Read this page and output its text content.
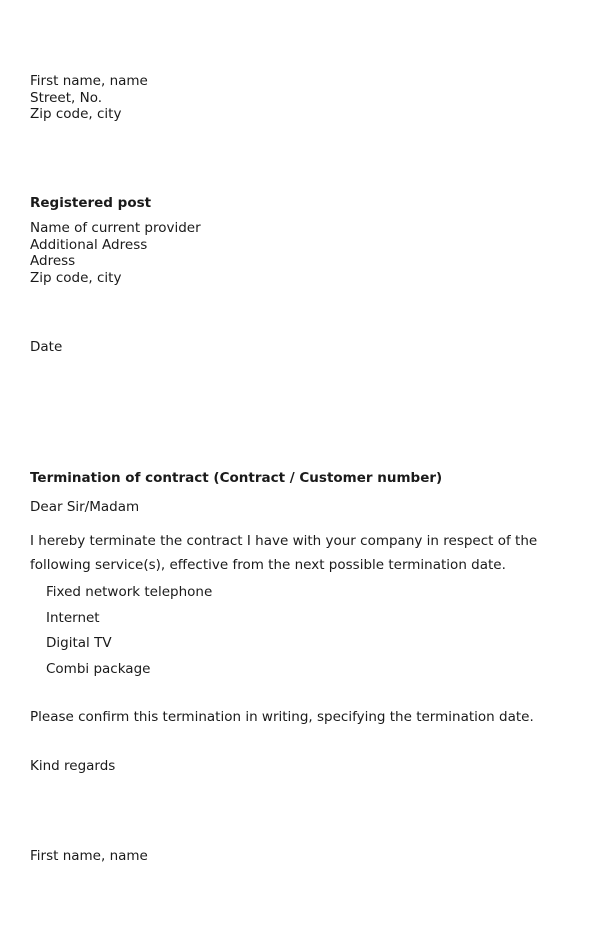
First name, name
Street, No.
Zip code, city
Registered post
Name of current provider
Additional Adress
Adress
Zip code, city
Date
Termination of contract (Contract / Customer number)
Dear Sir/Madam
I hereby terminate the contract I have with your company in respect of the
following service(s), effective from the next possible termination date.
Fixed network telephone
Internet
Digital TV
Combi package
Please confirm this termination in writing, specifying the termination date.
Kind regards
First name, name
